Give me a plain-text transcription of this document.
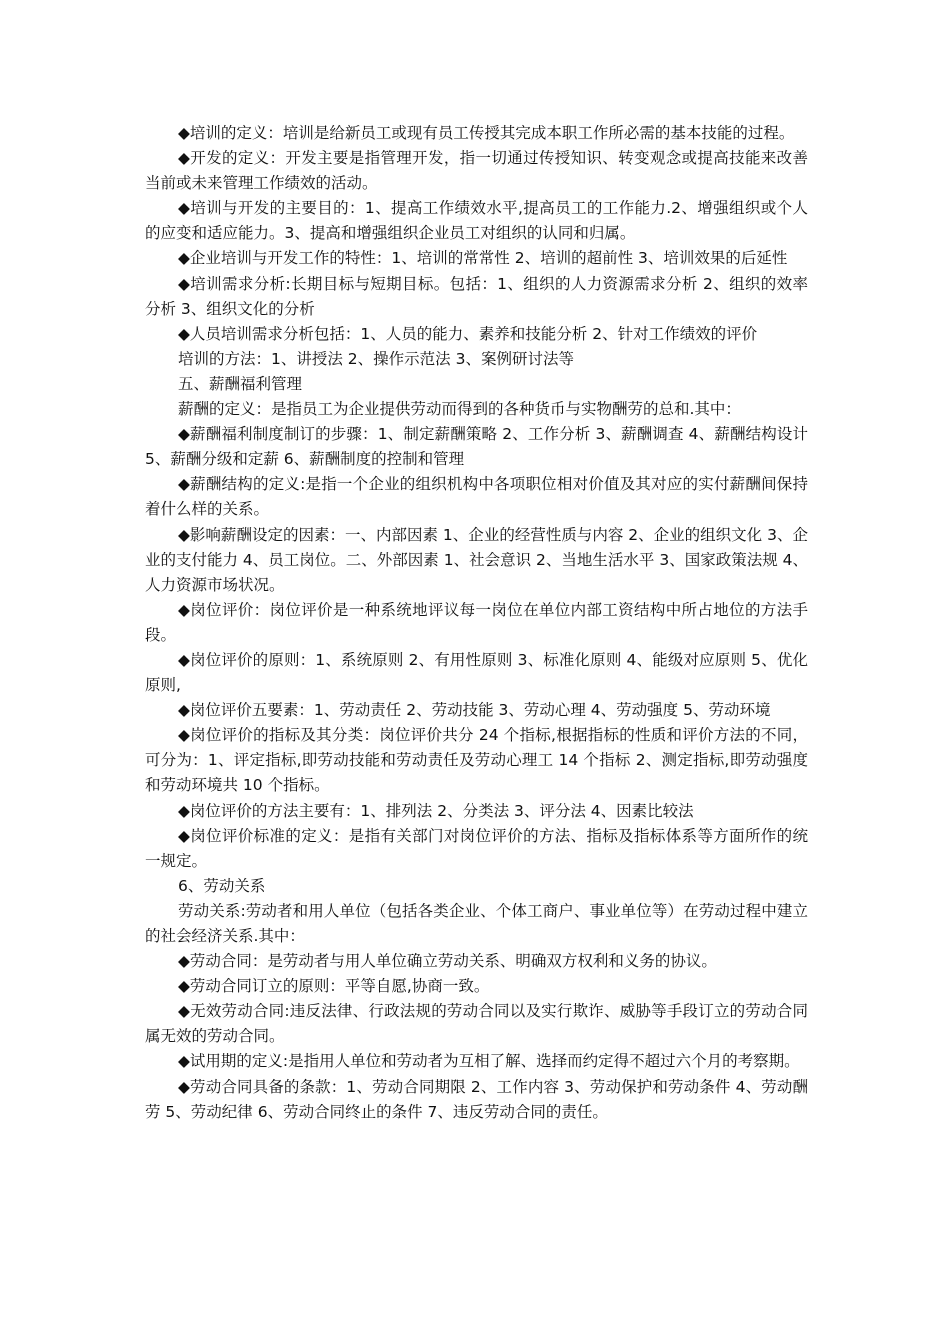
◆培训的定义：培训是给新员工或现有员工传授其完成本职工作所必需的基本技能的过程。

◆开发的定义：开发主要是指管理开发，指一切通过传授知识、转变观念或提高技能来改善当前或未来管理工作绩效的活动。

◆培训与开发的主要目的：1、提高工作绩效水平,提高员工的工作能力.2、增强组织或个人的应变和适应能力。3、提高和增强组织企业员工对组织的认同和归属。

◆企业培训与开发工作的特性：1、培训的常常性 2、培训的超前性 3、培训效果的后延性

◆培训需求分析:长期目标与短期目标。包括：1、组织的人力资源需求分析 2、组织的效率分析 3、组织文化的分析

◆人员培训需求分析包括：1、人员的能力、素养和技能分析 2、针对工作绩效的评价

培训的方法：1、讲授法 2、操作示范法 3、案例研讨法等

五、薪酬福利管理

薪酬的定义：是指员工为企业提供劳动而得到的各种货币与实物酬劳的总和.其中：

◆薪酬福利制度制订的步骤：1、制定薪酬策略 2、工作分析 3、薪酬调查 4、薪酬结构设计 5、薪酬分级和定薪 6、薪酬制度的控制和管理

◆薪酬结构的定义:是指一个企业的组织机构中各项职位相对价值及其对应的实付薪酬间保持着什么样的关系。

◆影响薪酬设定的因素：一、内部因素 1、企业的经营性质与内容 2、企业的组织文化 3、企业的支付能力 4、员工岗位。二、外部因素 1、社会意识 2、当地生活水平 3、国家政策法规 4、人力资源市场状况。

◆岗位评价：岗位评价是一种系统地评议每一岗位在单位内部工资结构中所占地位的方法手段。

◆岗位评价的原则：1、系统原则 2、有用性原则 3、标准化原则 4、能级对应原则 5、优化原则,

◆岗位评价五要素：1、劳动责任 2、劳动技能 3、劳动心理 4、劳动强度 5、劳动环境

◆岗位评价的指标及其分类：岗位评价共分 24 个指标,根据指标的性质和评价方法的不同，可分为：1、评定指标,即劳动技能和劳动责任及劳动心理工 14 个指标 2、测定指标,即劳动强度和劳动环境共 10 个指标。

◆岗位评价的方法主要有：1、排列法 2、分类法 3、评分法 4、因素比较法

◆岗位评价标准的定义：是指有关部门对岗位评价的方法、指标及指标体系等方面所作的统一规定。

6、劳动关系

劳动关系:劳动者和用人单位（包括各类企业、个体工商户、事业单位等）在劳动过程中建立的社会经济关系.其中：

◆劳动合同：是劳动者与用人单位确立劳动关系、明确双方权利和义务的协议。

◆劳动合同订立的原则：平等自愿,协商一致。

◆无效劳动合同:违反法律、行政法规的劳动合同以及实行欺诈、威胁等手段订立的劳动合同属无效的劳动合同。

◆试用期的定义:是指用人单位和劳动者为互相了解、选择而约定得不超过六个月的考察期。

◆劳动合同具备的条款：1、劳动合同期限 2、工作内容 3、劳动保护和劳动条件 4、劳动酬劳 5、劳动纪律 6、劳动合同终止的条件 7、违反劳动合同的责任。
